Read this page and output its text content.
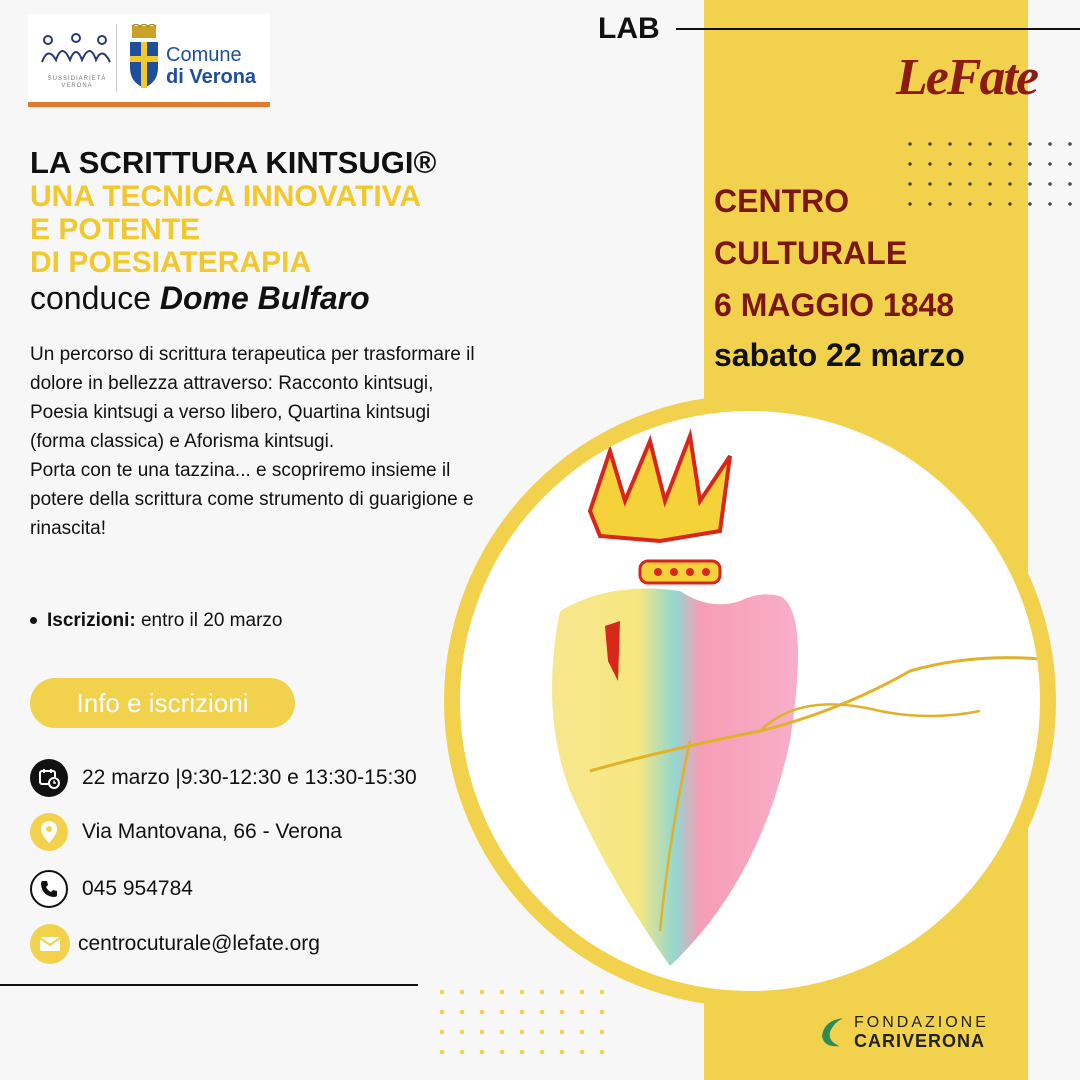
LAB
SUSSIDIARIETÀ
VERONA
Comune
di Verona
LA SCRITTURA KINTSUGI®
UNA TECNICA INNOVATIVA
E POTENTE
DI POESIATERAPIA
conduce Dome Bulfaro

Un percorso di scrittura terapeutica per trasformare il dolore in bellezza attraverso: Racconto kintsugi, Poesia kintsugi a verso libero, Quartina kintsugi (forma classica) e Aforisma kintsugi.

Porta con te una tazzina... e scopriremo insieme il potere della scrittura come strumento di guarigione e rinascita!

Iscrizioni: entro il 20 marzo
Info e iscrizioni
22 marzo |9:30-12:30 e 13:30-15:30
Via Mantovana, 66 - Verona
045 954784
centrocuturale@lefate.org
LeFate
CENTRO
CULTURALE
6 MAGGIO 1848
sabato 22 marzo
FONDAZIONE
CARIVERONA
